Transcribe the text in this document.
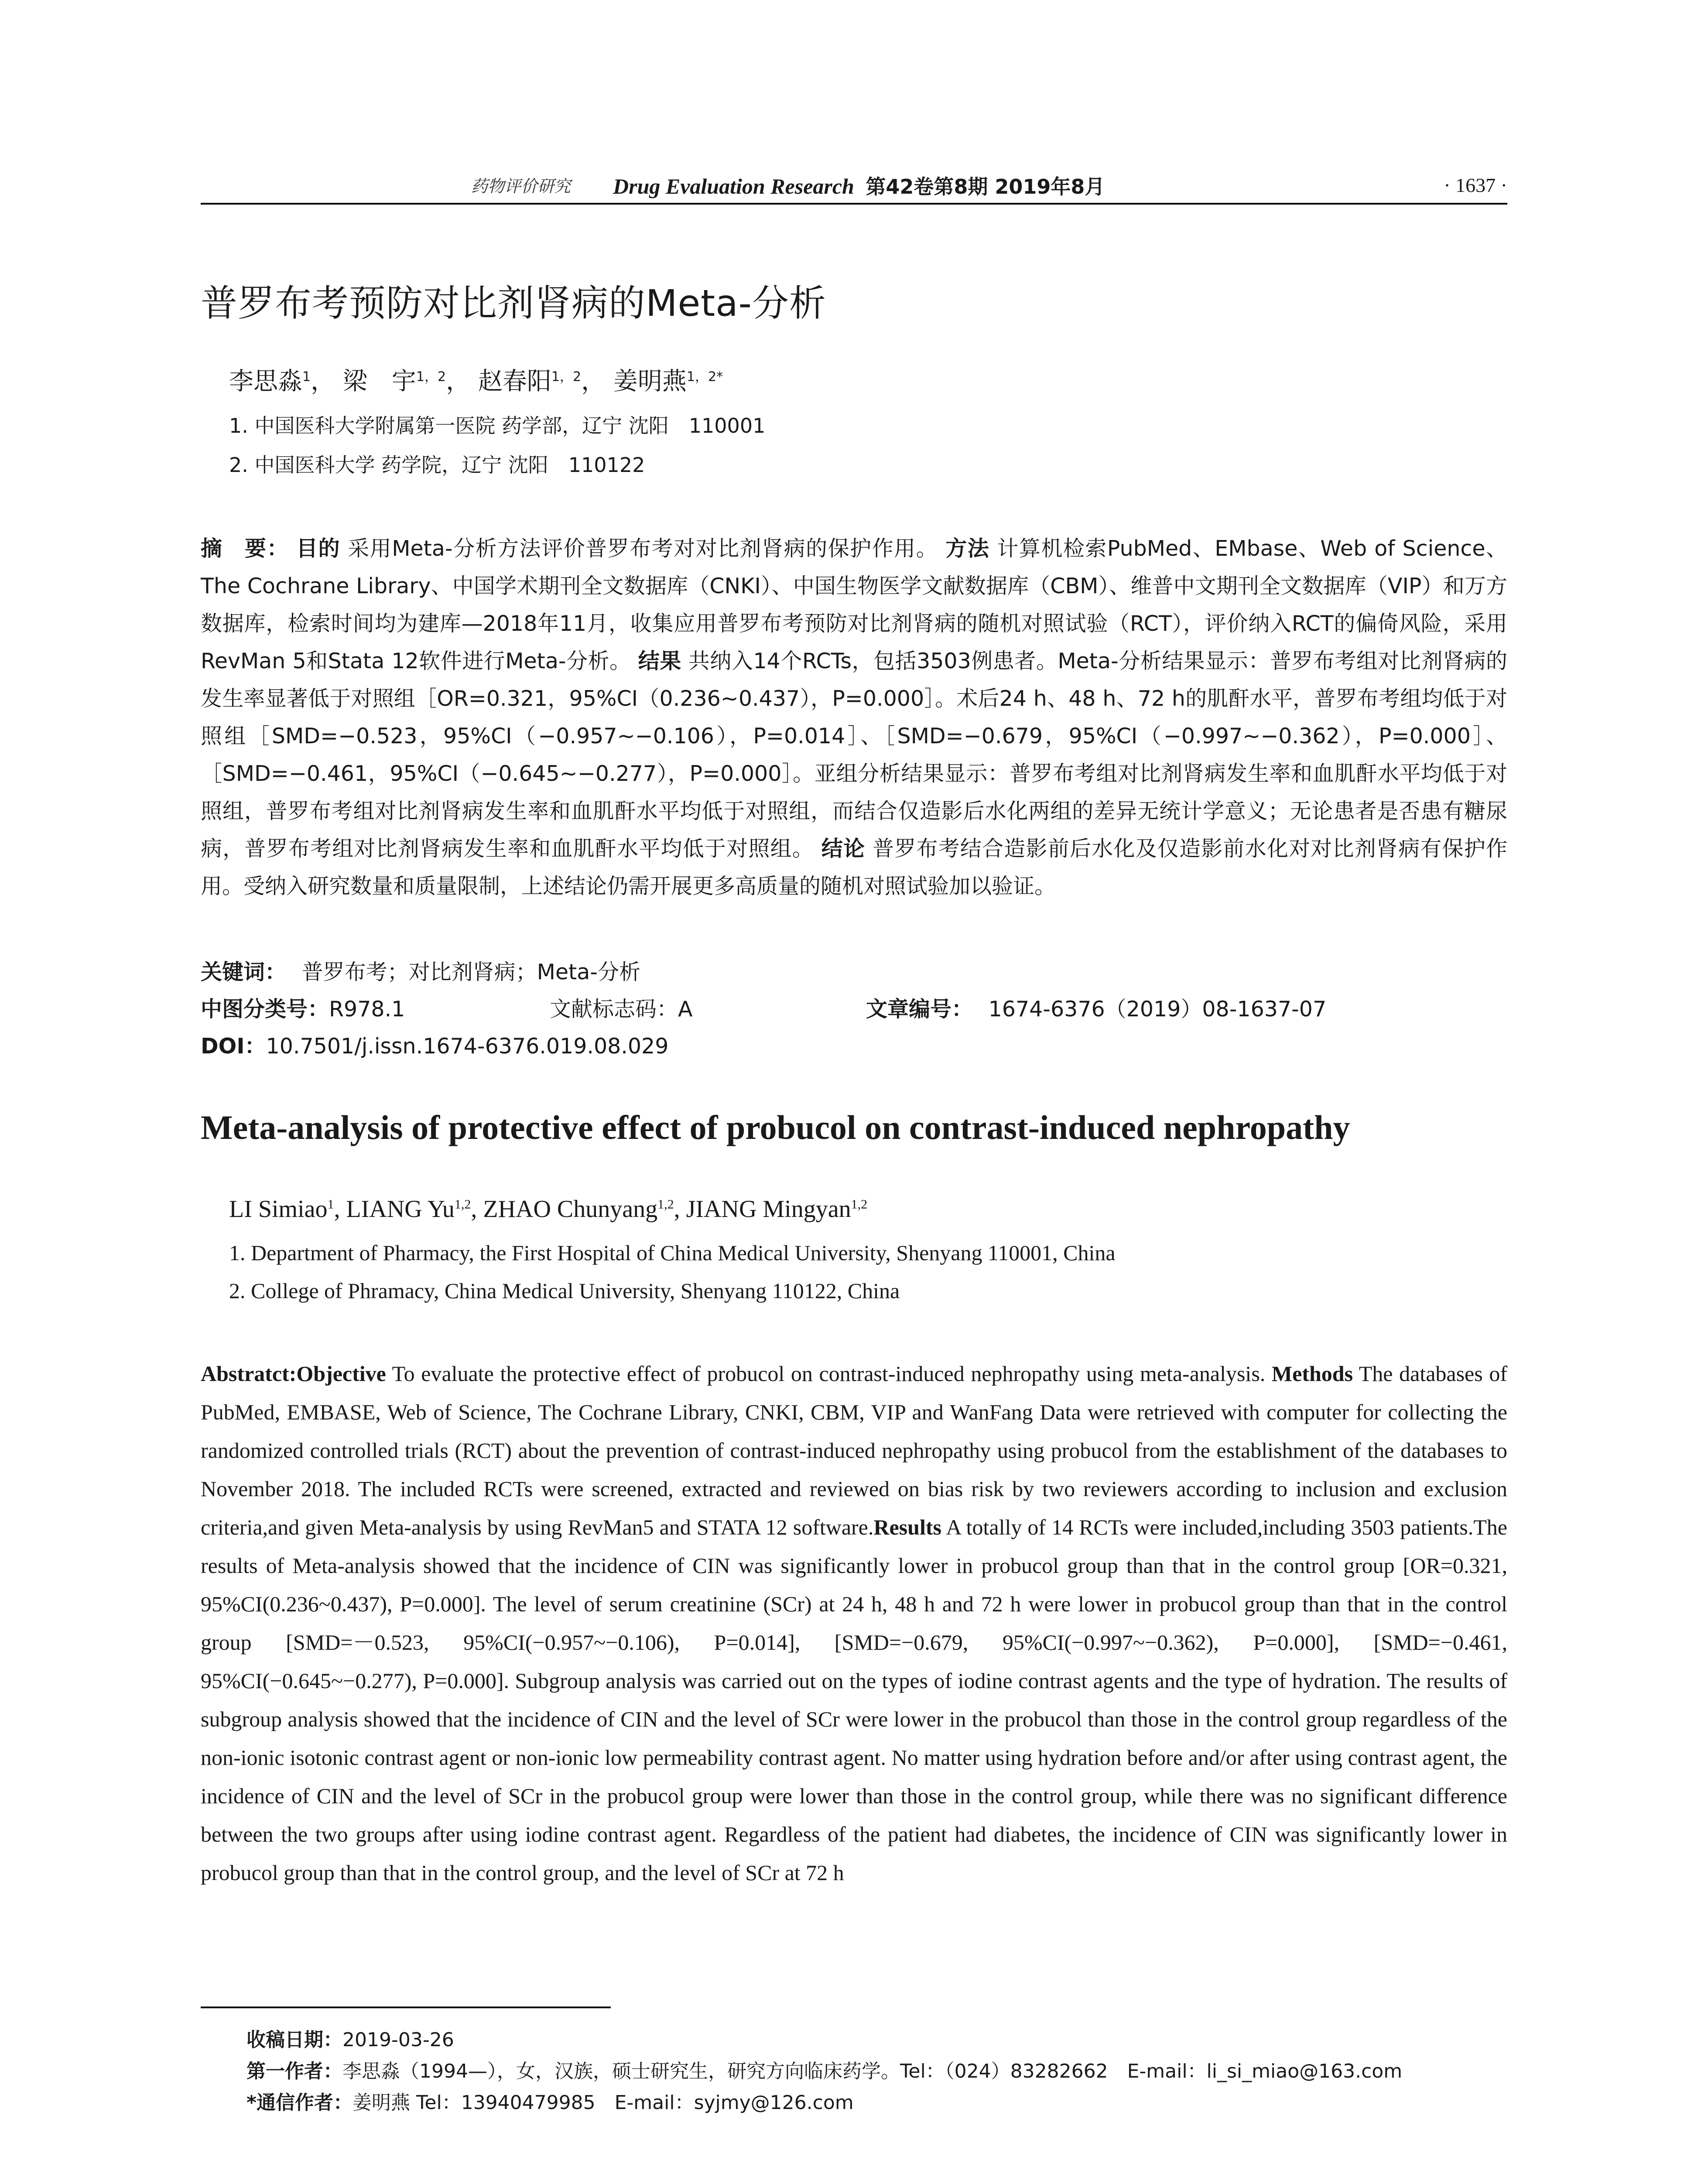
药物评价研究 Drug Evaluation Research 第42卷第8期 2019年8月	· 1637 ·
普罗布考预防对比剂肾病的Meta-分析
李思淼$^1$， 梁　宇$^{1,2}$， 赵春阳$^{1,2}$， 姜明燕$^{1,2*}$
1. 中国医科大学附属第一医院 药学部，辽宁 沈阳　110001
2. 中国医科大学 药学院，辽宁 沈阳　110122
摘　要： 目的 采用Meta-分析方法评价普罗布考对对比剂肾病的保护作用。 方法 计算机检索PubMed、EMbase、Web of Science、The Cochrane Library、中国学术期刊全文数据库（CNKI）、中国生物医学文献数据库（CBM）、维普中文期刊全文数据库（VIP）和万方数据库，检索时间均为建库—2018年11月，收集应用普罗布考预防对比剂肾病的随机对照试验（RCT），评价纳入RCT的偏倚风险，采用RevMan 5和Stata 12软件进行Meta-分析。 结果 共纳入14个RCTs，包括3503例患者。Meta-分析结果显示：普罗布考组对比剂肾病的发生率显著低于对照组［OR=0.321，95%CI（0.236~0.437），P=0.000］。术后24 h、48 h、72 h的肌酐水平，普罗布考组均低于对照组［SMD=−0.523，95%CI（−0.957~−0.106），P=0.014］、［SMD=−0.679，95%CI（−0.997~−0.362），P=0.000］、［SMD=−0.461，95%CI（−0.645~−0.277），P=0.000］。亚组分析结果显示：普罗布考组对比剂肾病发生率和血肌酐水平均低于对照组，普罗布考组对比剂肾病发生率和血肌酐水平均低于对照组，而结合仅造影后水化两组的差异无统计学意义；无论患者是否患有糖尿病，普罗布考组对比剂肾病发生率和血肌酐水平均低于对照组。 结论 普罗布考结合造影前后水化及仅造影前水化对对比剂肾病有保护作用。受纳入研究数量和质量限制，上述结论仍需开展更多高质量的随机对照试验加以验证。
关键词： 普罗布考；对比剂肾病；Meta-分析
中图分类号：R978.1	文献标志码：A	文章编号： 1674-6376（2019）08-1637-07
DOI：10.7501/j.issn.1674-6376.019.08.029
Meta-analysis of protective effect of probucol on contrast-induced nephropathy
LI Simiao$^1$, LIANG Yu$^{1,2}$, ZHAO Chunyang$^{1,2}$, JIANG Mingyan$^{1,2}$
1. Department of Pharmacy, the First Hospital of China Medical University, Shenyang 110001, China
2. College of Phramacy, China Medical University, Shenyang 110122, China
Abstratct:Objective To evaluate the protective effect of probucol on contrast-induced nephropathy using meta-analysis. Methods The databases of PubMed, EMBASE, Web of Science, The Cochrane Library, CNKI, CBM, VIP and WanFang Data were retrieved with computer for collecting the randomized controlled trials (RCT) about the prevention of contrast-induced nephropathy using probucol from the establishment of the databases to November 2018. The included RCTs were screened, extracted and reviewed on bias risk by two reviewers according to inclusion and exclusion criteria,and given Meta-analysis by using RevMan5 and STATA 12 software.Results A totally of 14 RCTs were included,including 3503 patients.The results of Meta-analysis showed that the incidence of CIN was significantly lower in probucol group than that in the control group [OR=0.321, 95%CI(0.236~0.437), P=0.000]. The level of serum creatinine (SCr) at 24 h, 48 h and 72 h were lower in probucol group than that in the control group [SMD=－0.523, 95%CI(−0.957~−0.106), P=0.014], [SMD=−0.679, 95%CI(−0.997~−0.362), P=0.000], [SMD=−0.461, 95%CI(−0.645~−0.277), P=0.000]. Subgroup analysis was carried out on the types of iodine contrast agents and the type of hydration. The results of subgroup analysis showed that the incidence of CIN and the level of SCr were lower in the probucol than those in the control group regardless of the non-ionic isotonic contrast agent or non-ionic low permeability contrast agent. No matter using hydration before and/or after using contrast agent, the incidence of CIN and the level of SCr in the probucol group were lower than those in the control group, while there was no significant difference between the two groups after using iodine contrast agent. Regardless of the patient had diabetes, the incidence of CIN was significantly lower in probucol group than that in the control group, and the level of SCr at 72 h
收稿日期：2019-03-26
第一作者：李思淼（1994—），女，汉族，硕士研究生，研究方向临床药学。Tel：（024）83282662　E-mail：li_si_miao@163.com
*通信作者：姜明燕 Tel：13940479985　E-mail：syjmy@126.com
